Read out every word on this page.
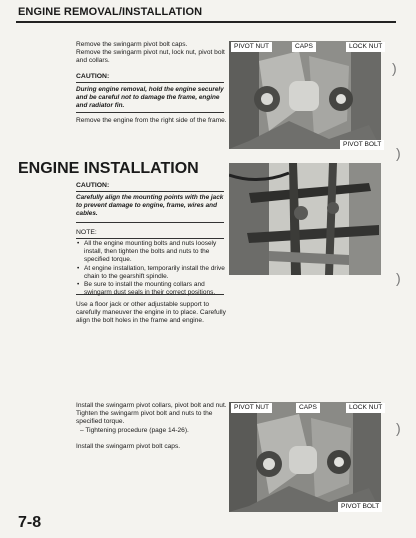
ENGINE REMOVAL/INSTALLATION

Remove the swingarm pivot bolt caps.

Remove the swingarm pivot nut, lock nut, pivot bolt and collars.

CAUTION:
During engine removal, hold the engine securely and be careful not to damage the frame, engine and radiator fin.
Remove the engine from the right side of the frame.
PIVOT NUT	CAPS	LOCK NUT
PIVOT BOLT
ENGINE INSTALLATION
CAUTION:
Carefully align the mounting points with the jack to prevent damage to engine, frame, wires and cables.
NOTE:
• All the engine mounting bolts and nuts loosely install, then tighten the bolts and nuts to the specified torque.
• At engine installation, temporarily install the drive chain to the gearshift spindle.
• Be sure to install the mounting collars and swingarm dust seals in their correct positions.
Use a floor jack or other adjustable support to carefully maneuver the engine in to place. Carefully align the bolt holes in the frame and engine.

Install the swingarm pivot collars, pivot bolt and nut.

Tighten the swingarm pivot bolt and nuts to the specified torque.

– Tightening procedure (page 14-26).

Install the swingarm pivot bolt caps.

PIVOT NUT	CAPS	LOCK NUT
PIVOT BOLT
)
)
)
)
7-8
